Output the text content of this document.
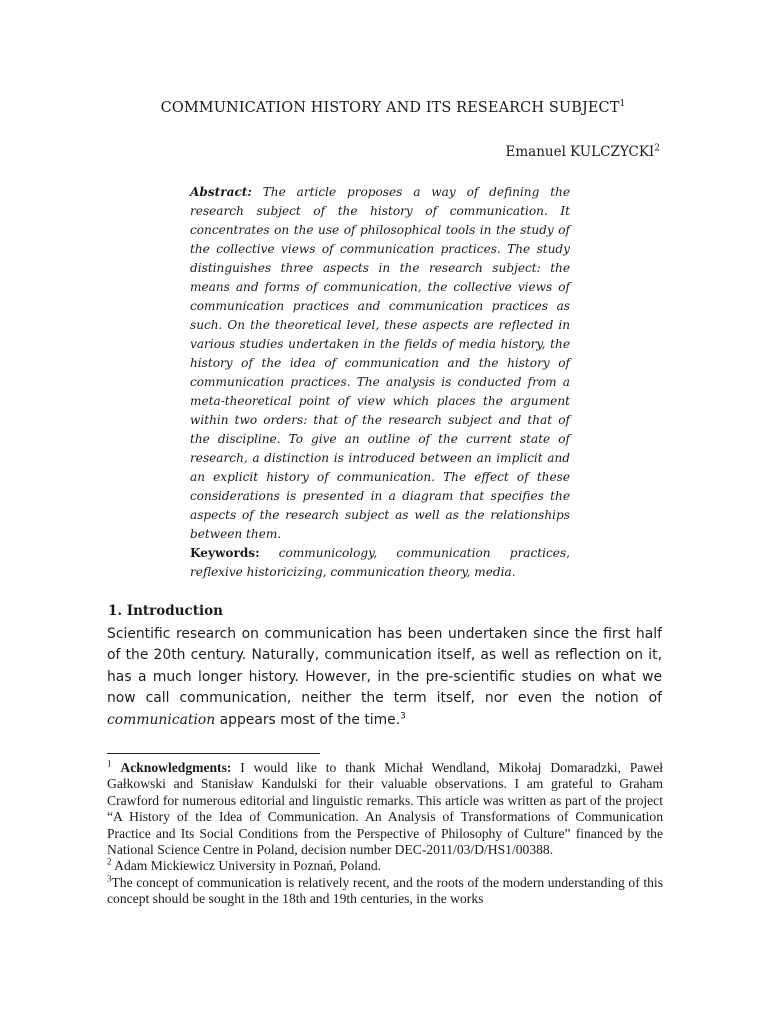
COMMUNICATION HISTORY AND ITS RESEARCH SUBJECT$^1$
Emanuel KULCZYCKI$^2$
Abstract: The article proposes a way of defining the research subject of the history of communication. It concentrates on the use of philosophical tools in the study of the collective views of communication practices. The study distinguishes three aspects in the research subject: the means and forms of communication, the collective views of communication practices and communication practices as such. On the theoretical level, these aspects are reflected in various studies undertaken in the fields of media history, the history of the idea of communication and the history of communication practices. The analysis is conducted from a meta-theoretical point of view which places the argument within two orders: that of the research subject and that of the discipline. To give an outline of the current state of research, a distinction is introduced between an implicit and an explicit history of communication. The effect of these considerations is presented in a diagram that specifies the aspects of the research subject as well as the relationships between them.
Keywords: communicology, communication practices, reflexive historicizing, communication theory, media.
1. Introduction
Scientific research on communication has been undertaken since the first half of the 20th century. Naturally, communication itself, as well as reflection on it, has a much longer history. However, in the pre-scientific studies on what we now call communication, neither the term itself, nor even the notion of communication appears most of the time.$^3$

$^1$ Acknowledgments: I would like to thank Michał Wendland, Mikołaj Domaradzki, Paweł Gałkowski and Stanisław Kandulski for their valuable observations. I am grateful to Graham Crawford for numerous editorial and linguistic remarks. This article was written as part of the project “A History of the Idea of Communication. An Analysis of Transformations of Communication Practice and Its Social Conditions from the Perspective of Philosophy of Culture” financed by the National Science Centre in Poland, decision number DEC-2011/03/D/HS1/00388.

$^2$ Adam Mickiewicz University in Poznań, Poland.

$^3$The concept of communication is relatively recent, and the roots of the modern understanding of this concept should be sought in the 18th and 19th centuries, in the works
